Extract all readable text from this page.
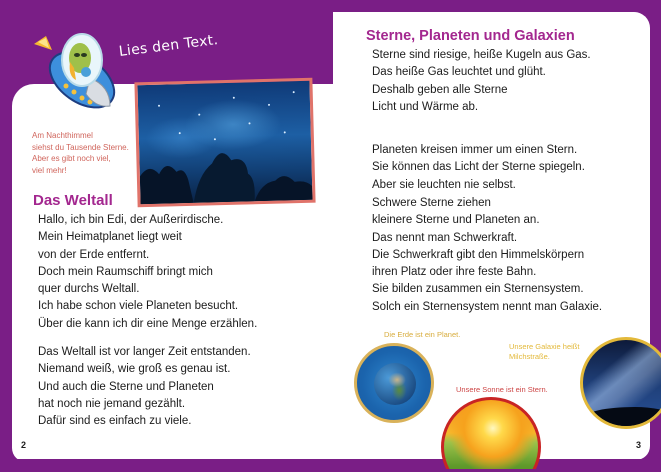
Lies den Text.
Am Nachthimmel
siehst du Tausende Sterne.
Aber es gibt noch viel,
viel mehr!
Das Weltall
Hallo, ich bin Edi, der Außerirdische.
Mein Heimatplanet liegt weit
von der Erde entfernt.
Doch mein Raumschiff bringt mich
quer durchs Weltall.
Ich habe schon viele Planeten besucht.
Über die kann ich dir eine Menge erzählen.
Das Weltall ist vor langer Zeit entstanden.
Niemand weiß, wie groß es genau ist.
Und auch die Sterne und Planeten
hat noch nie jemand gezählt.
Dafür sind es einfach zu viele.
2
Sterne, Planeten und Galaxien
Sterne sind riesige, heiße Kugeln aus Gas.
Das heiße Gas leuchtet und glüht.
Deshalb geben alle Sterne
Licht und Wärme ab.
Planeten kreisen immer um einen Stern.
Sie können das Licht der Sterne spiegeln.
Aber sie leuchten nie selbst.
Schwere Sterne ziehen
kleinere Sterne und Planeten an.
Das nennt man Schwerkraft.
Die Schwerkraft gibt den Himmelskörpern
ihren Platz oder ihre feste Bahn.
Sie bilden zusammen ein Sternensystem.
Solch ein Sternensystem nennt man Galaxie.
Die Erde ist ein Planet.
Unsere Galaxie heißt
Milchstraße.
Unsere Sonne ist ein Stern.
3
